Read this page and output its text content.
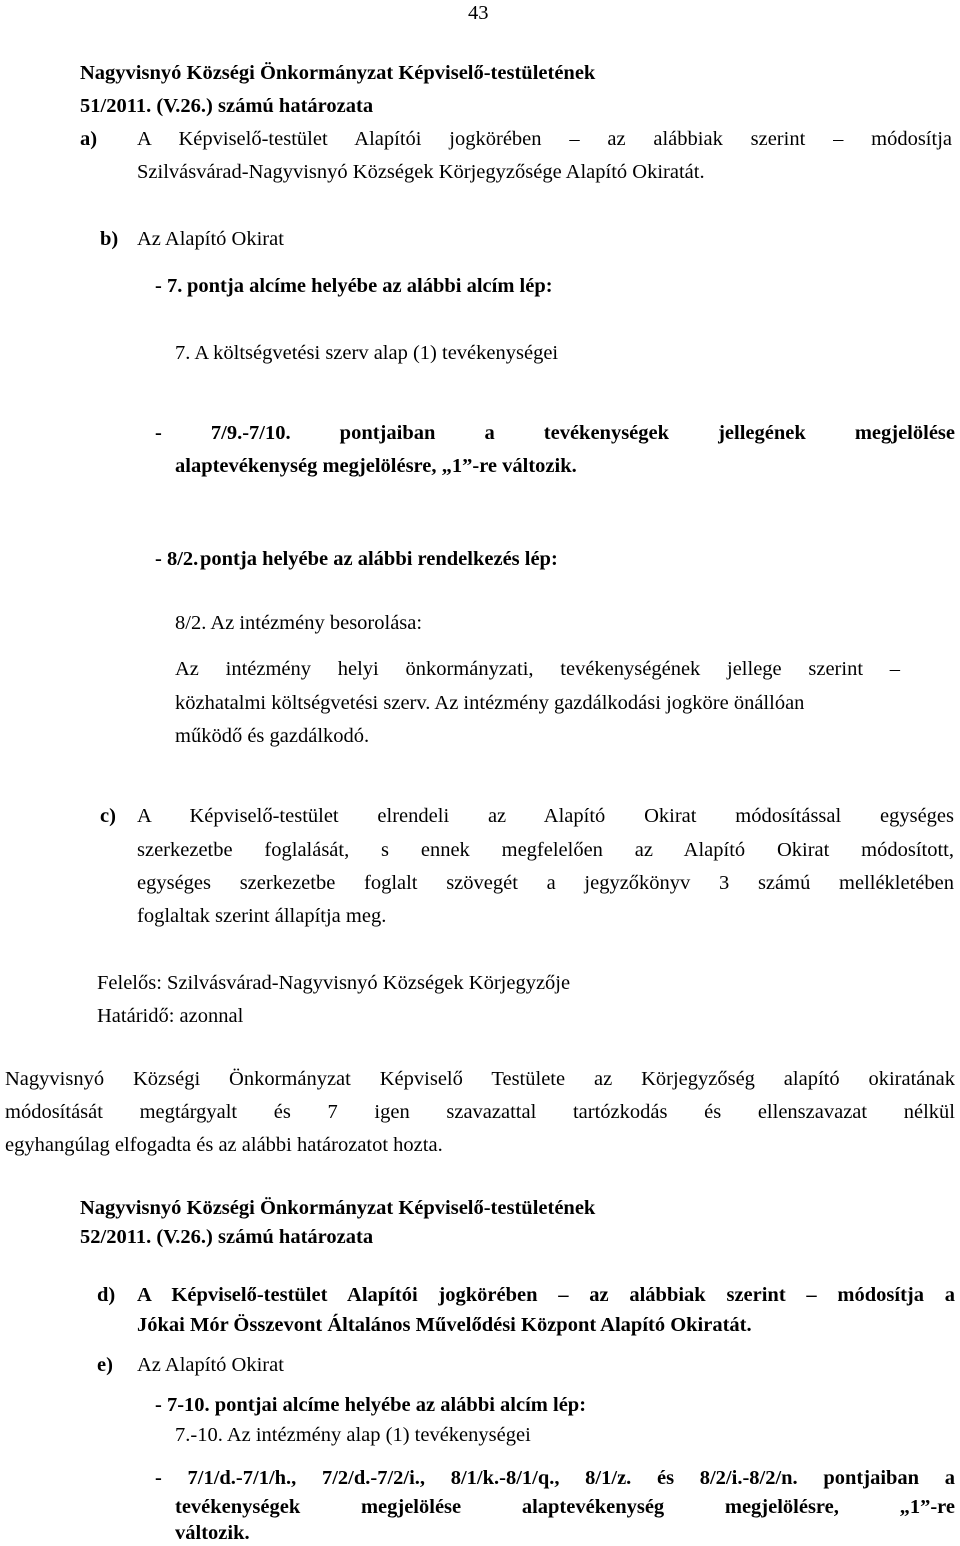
43
Nagyvisnyó Községi Önkormányzat Képviselő-testületének
51/2011. (V.26.) számú határozata
a) A Képviselő-testület Alapítói jogkörében – az alábbiak szerint – módosítja
Szilvásvárad-Nagyvisnyó Községek Körjegyzősége Alapító Okiratát.
b) Az Alapító Okirat
- 7. pontja alcíme helyébe az alábbi alcím lép:
7. A költségvetési szerv alap (1) tevékenységei
- 7/9.-7/10. pontjaiban a tevékenységek jellegének megjelölése
alaptevékenység megjelölésre, „1”-re változik.
- 8/2. pontja helyébe az alábbi rendelkezés lép:
8/2. Az intézmény besorolása:
Az intézmény helyi önkormányzati, tevékenységének jellege szerint –
közhatalmi költségvetési szerv. Az intézmény gazdálkodási jogköre önállóan
működő és gazdálkodó.
c) A Képviselő-testület elrendeli az Alapító Okirat módosítással egységes
szerkezetbe foglalását, s ennek megfelelően az Alapító Okirat módosított,
egységes szerkezetbe foglalt szövegét a jegyzőkönyv 3 számú mellékletében
foglaltak szerint állapítja meg.
Felelős: Szilvásvárad-Nagyvisnyó Községek Körjegyzője
Határidő: azonnal
Nagyvisnyó Községi Önkormányzat Képviselő Testülete az Körjegyzőség alapító okiratának
módosítását megtárgyalt és 7 igen szavazattal tartózkodás és ellenszavazat nélkül
egyhangúlag elfogadta és az alábbi határozatot hozta.
Nagyvisnyó Községi Önkormányzat Képviselő-testületének
52/2011. (V.26.) számú határozata
d) A Képviselő-testület Alapítói jogkörében – az alábbiak szerint – módosítja a
Jókai Mór Összevont Általános Művelődési Központ Alapító Okiratát.
e) Az Alapító Okirat
- 7-10. pontjai alcíme helyébe az alábbi alcím lép:
7.-10. Az intézmény alap (1) tevékenységei
- 7/1/d.-7/1/h., 7/2/d.-7/2/i., 8/1/k.-8/1/q., 8/1/z. és 8/2/i.-8/2/n. pontjaiban a
tevékenységek megjelölése alaptevékenység megjelölésre, „1”-re
változik.
